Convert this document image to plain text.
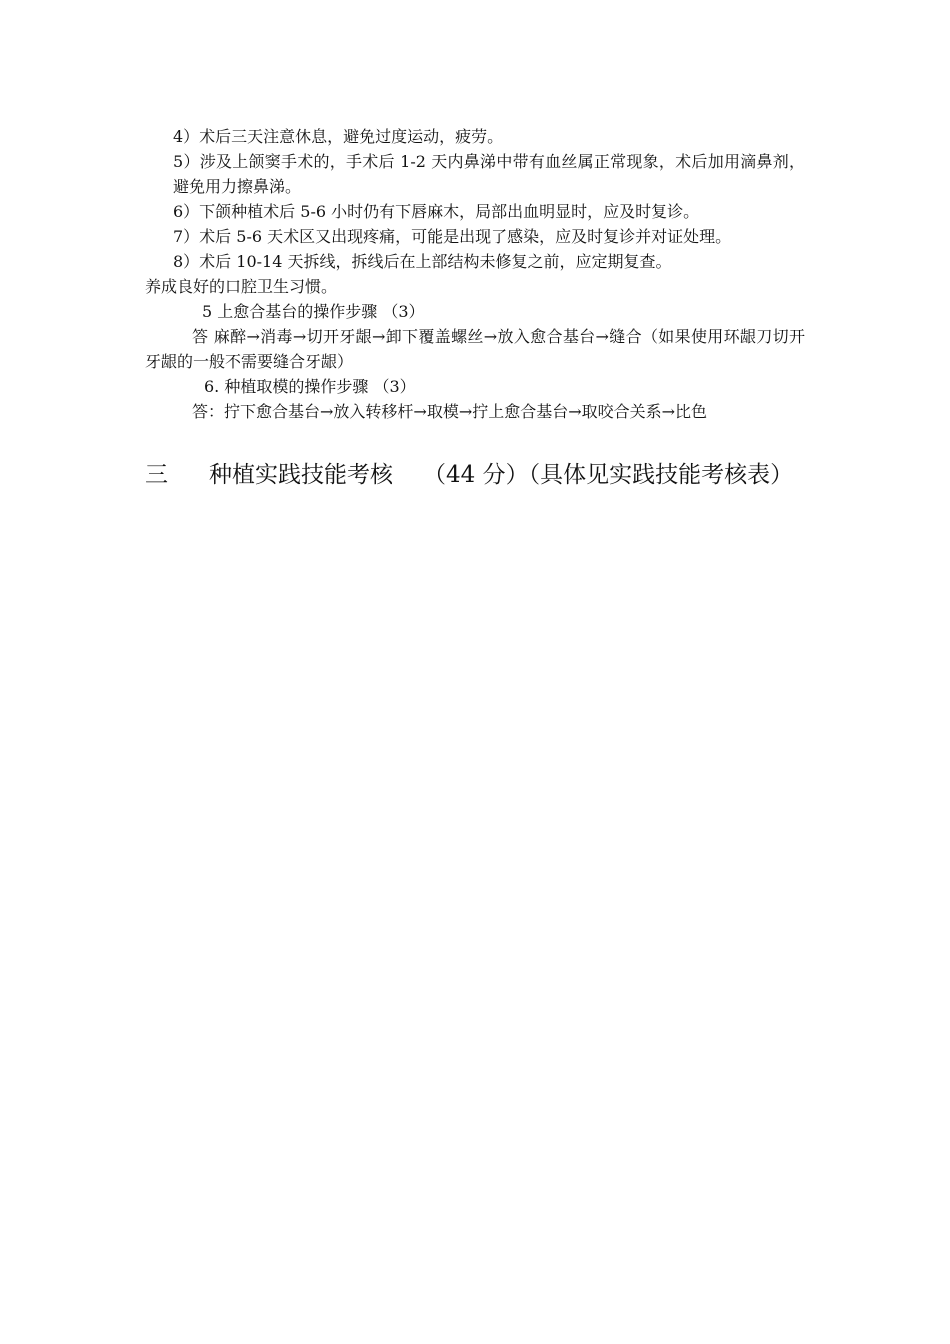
4）术后三天注意休息，避免过度运动，疲劳。
5）涉及上颌窦手术的，手术后 1-2 天内鼻涕中带有血丝属正常现象，术后加用滴鼻剂，避免用力擦鼻涕。
6）下颌种植术后 5-6 小时仍有下唇麻木，局部出血明显时，应及时复诊。
7）术后 5-6 天术区又出现疼痛，可能是出现了感染，应及时复诊并对证处理。
8）术后 10-14 天拆线，拆线后在上部结构未修复之前，应定期复查。
养成良好的口腔卫生习惯。
5 上愈合基台的操作步骤 （3）
答 麻醉→消毒→切开牙龈→卸下覆盖螺丝→放入愈合基台→缝合（如果使用环龈刀切开牙龈的一般不需要缝合牙龈）
6. 种植取模的操作步骤 （3）
答：拧下愈合基台→放入转移杆→取模→拧上愈合基台→取咬合关系→比色
三 种植实践技能考核 （44 分）（具体见实践技能考核表）
